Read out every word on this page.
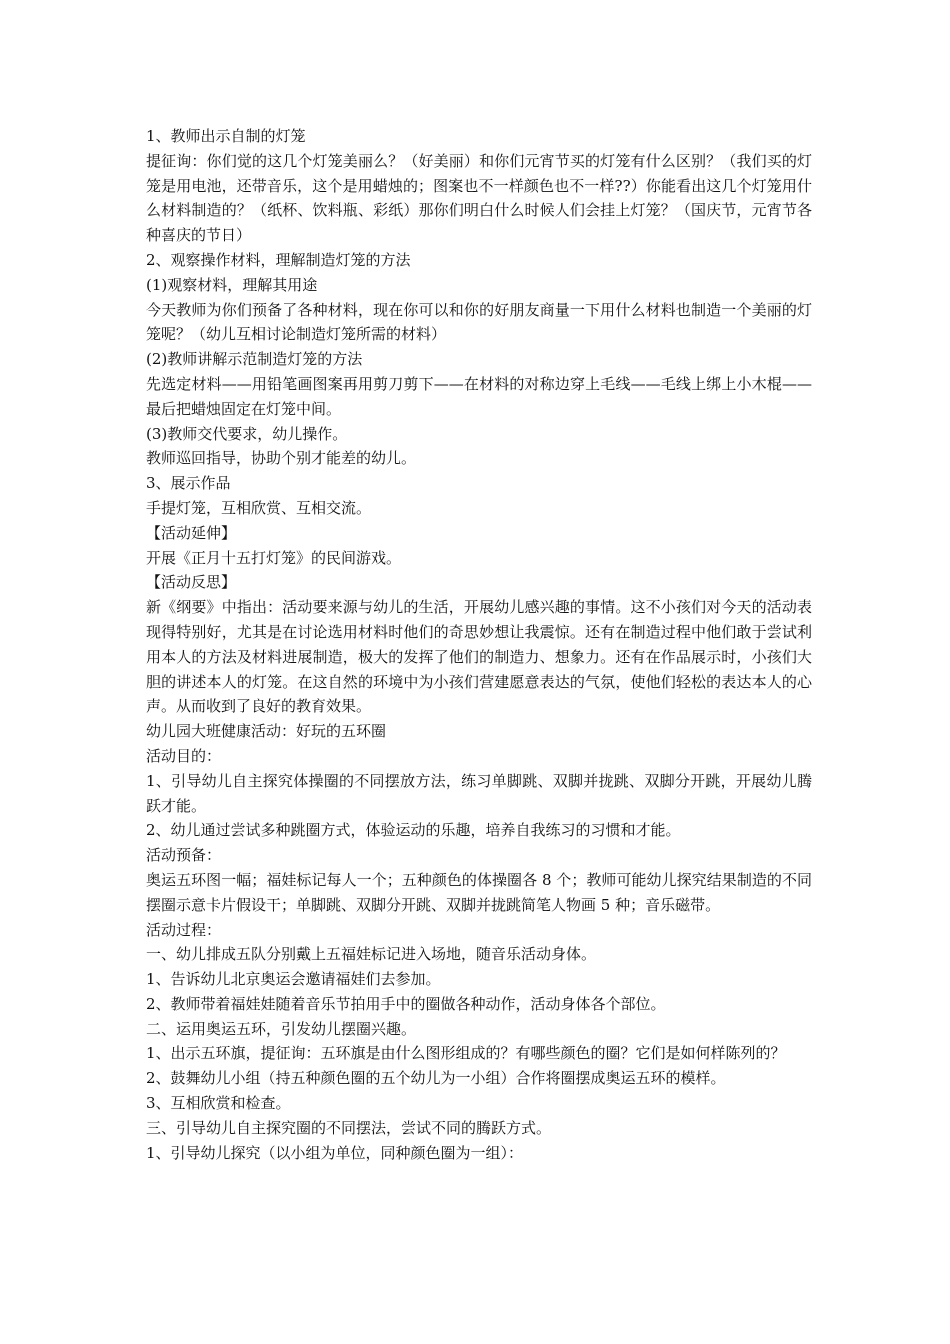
1、教师出示自制的灯笼

提征询：你们觉的这几个灯笼美丽么？（好美丽）和你们元宵节买的灯笼有什么区别？（我们买的灯笼是用电池，还带音乐，这个是用蜡烛的；图案也不一样颜色也不一样??）你能看出这几个灯笼用什么材料制造的？（纸杯、饮料瓶、彩纸）那你们明白什么时候人们会挂上灯笼？（国庆节，元宵节各种喜庆的节日）

2、观察操作材料，理解制造灯笼的方法

(1)观察材料，理解其用途

今天教师为你们预备了各种材料，现在你可以和你的好朋友商量一下用什么材料也制造一个美丽的灯笼呢？（幼儿互相讨论制造灯笼所需的材料）

(2)教师讲解示范制造灯笼的方法

先选定材料——用铅笔画图案再用剪刀剪下——在材料的对称边穿上毛线——毛线上绑上小木棍——最后把蜡烛固定在灯笼中间。

(3)教师交代要求，幼儿操作。

教师巡回指导，协助个别才能差的幼儿。

3、展示作品

手提灯笼，互相欣赏、互相交流。

【活动延伸】

开展《正月十五打灯笼》的民间游戏。

【活动反思】

新《纲要》中指出：活动要来源与幼儿的生活，开展幼儿感兴趣的事情。这不小孩们对今天的活动表现得特别好，尤其是在讨论选用材料时他们的奇思妙想让我震惊。还有在制造过程中他们敢于尝试利用本人的方法及材料进展制造，极大的发挥了他们的制造力、想象力。还有在作品展示时，小孩们大胆的讲述本人的灯笼。在这自然的环境中为小孩们营建愿意表达的气氛，使他们轻松的表达本人的心声。从而收到了良好的教育效果。

幼儿园大班健康活动：好玩的五环圈

活动目的：

1、引导幼儿自主探究体操圈的不同摆放方法，练习单脚跳、双脚并拢跳、双脚分开跳，开展幼儿腾跃才能。

2、幼儿通过尝试多种跳圈方式，体验运动的乐趣，培养自我练习的习惯和才能。

活动预备：

奥运五环图一幅；福娃标记每人一个；五种颜色的体操圈各 8 个；教师可能幼儿探究结果制造的不同摆圈示意卡片假设干；单脚跳、双脚分开跳、双脚并拢跳简笔人物画 5 种；音乐磁带。

活动过程：

一、幼儿排成五队分别戴上五福娃标记进入场地，随音乐活动身体。

1、告诉幼儿北京奥运会邀请福娃们去参加。

2、教师带着福娃娃随着音乐节拍用手中的圈做各种动作，活动身体各个部位。

二、运用奥运五环，引发幼儿摆圈兴趣。

1、出示五环旗，提征询：五环旗是由什么图形组成的？有哪些颜色的圈？它们是如何样陈列的？

2、鼓舞幼儿小组（持五种颜色圈的五个幼儿为一小组）合作将圈摆成奥运五环的模样。

3、互相欣赏和检查。

三、引导幼儿自主探究圈的不同摆法，尝试不同的腾跃方式。

1、引导幼儿探究（以小组为单位，同种颜色圈为一组）：
